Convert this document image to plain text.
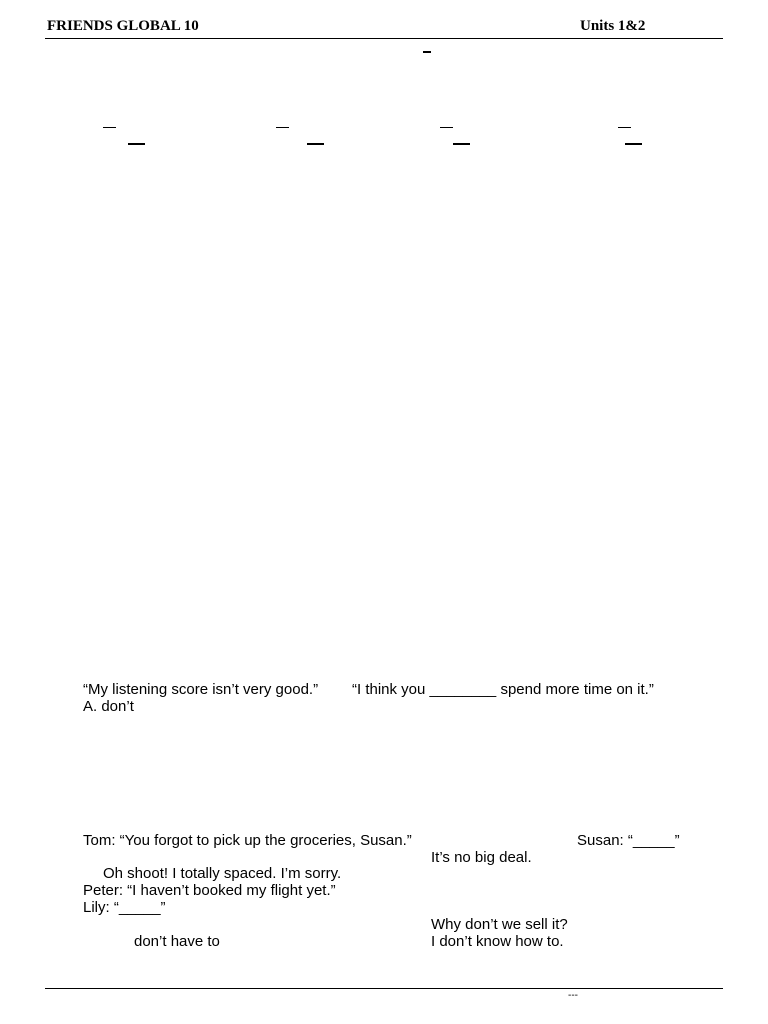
FRIENDS GLOBAL 10	Units 1&2
“My listening score isn’t very good.” “I think you ________ spend more time on it.”
A. don’t
Tom: “You forgot to pick up the groceries, Susan.”	Susan: “_____”
It’s no big deal.
Oh shoot! I totally spaced. I’m sorry.
Peter: “I haven’t booked my flight yet.”
Lily: “_____”
Why don’t we sell it?
don’t have to	I don’t know how to.
---
